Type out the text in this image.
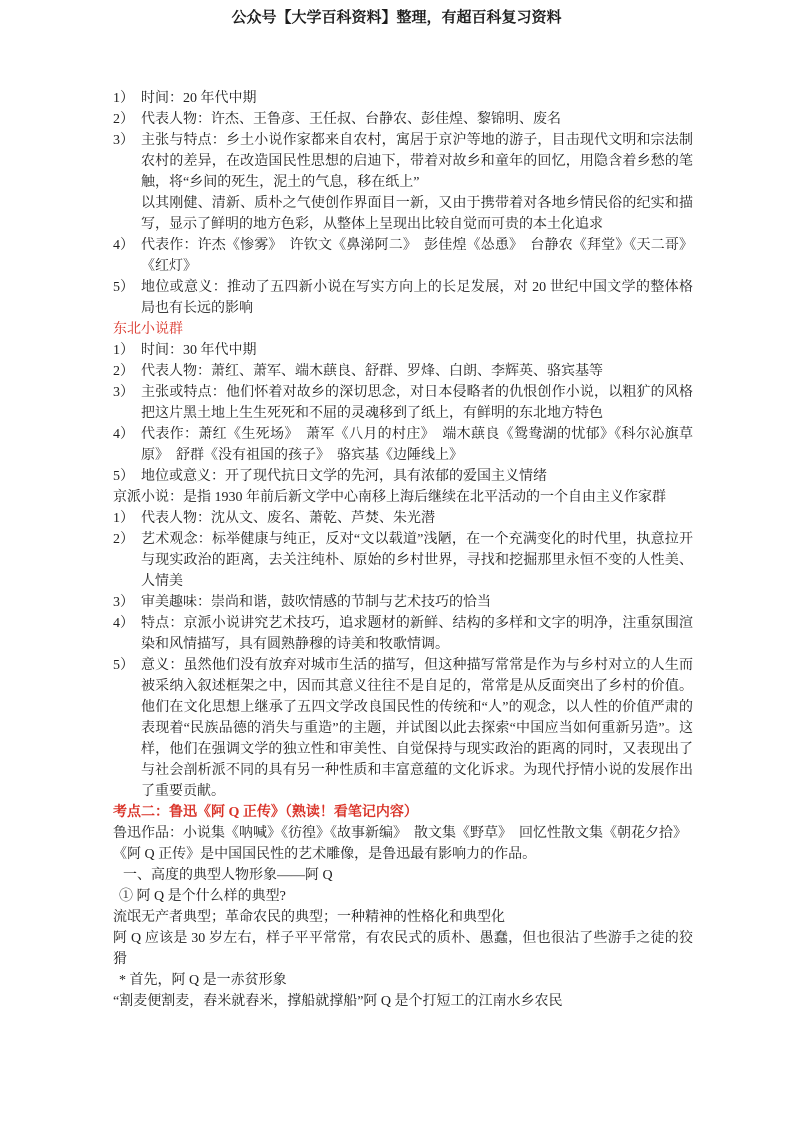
公众号【大学百科资料】整理，有超百科复习资料
1） 时间：20 年代中期
2） 代表人物：许杰、王鲁彦、王任叔、台静农、彭佳煌、黎锦明、废名
3） 主张与特点：乡土小说作家都来自农村，寓居于京沪等地的游子，目击现代文明和宗法制农村的差异，在改造国民性思想的启迪下，带着对故乡和童年的回忆，用隐含着乡愁的笔触，将“乡间的死生，泥土的气息，移在纸上”

以其刚健、清新、质朴之气使创作界面目一新，又由于携带着对各地乡情民俗的纪实和描写，显示了鲜明的地方色彩，从整体上呈现出比较自觉而可贵的本土化追求

4） 代表作：许杰《惨雾》　许钦文《鼻涕阿二》　彭佳煌《怂恿》　台静农《拜堂》《天二哥》《红灯》
5） 地位或意义：推动了五四新小说在写实方向上的长足发展，对 20 世纪中国文学的整体格局也有长远的影响
东北小说群
1） 时间：30 年代中期
2） 代表人物：萧红、萧军、端木蕻良、舒群、罗烽、白朗、李辉英、骆宾基等
3） 主张或特点：他们怀着对故乡的深切思念，对日本侵略者的仇恨创作小说，以粗犷的风格把这片黑土地上生生死死和不屈的灵魂移到了纸上，有鲜明的东北地方特色
4） 代表作：萧红《生死场》　萧军《八月的村庄》　端木蕻良《鸳鸯湖的忧郁》《科尔沁旗草原》　舒群《没有祖国的孩子》　骆宾基《边陲线上》
5） 地位或意义：开了现代抗日文学的先河，具有浓郁的爱国主义情绪
京派小说：是指 1930 年前后新文学中心南移上海后继续在北平活动的一个自由主义作家群
1） 代表人物：沈从文、废名、萧乾、芦焚、朱光潜
2） 艺术观念：标举健康与纯正，反对“文以载道”浅陋，在一个充满变化的时代里，执意拉开与现实政治的距离，去关注纯朴、原始的乡村世界，寻找和挖掘那里永恒不变的人性美、人情美
3） 审美趣味：崇尚和谐，鼓吹情感的节制与艺术技巧的恰当
4） 特点：京派小说讲究艺术技巧，追求题材的新鲜、结构的多样和文字的明净，注重氛围渲染和风情描写，具有圆熟静穆的诗美和牧歌情调。
5） 意义：虽然他们没有放弃对城市生活的描写，但这种描写常常是作为与乡村对立的人生而被采纳入叙述框架之中，因而其意义往往不是自足的，常常是从反面突出了乡村的价值。他们在文化思想上继承了五四文学改良国民性的传统和“人”的观念，以人性的价值严肃的表现着“民族品德的消失与重造”的主题，并试图以此去探索“中国应当如何重新另造”。这样，他们在强调文学的独立性和审美性、自觉保持与现实政治的距离的同时，又表现出了与社会剖析派不同的具有另一种性质和丰富意蕴的文化诉求。为现代抒情小说的发展作出了重要贡献。
考点二：鲁迅《阿 Q 正传》（熟读！看笔记内容）
鲁迅作品：小说集《呐喊》《彷徨》《故事新编》　散文集《野草》　回忆性散文集《朝花夕拾》
《阿 Q 正传》是中国国民性的艺术雕像，是鲁迅最有影响力的作品。
一、高度的典型人物形象——阿 Q
① 阿 Q 是个什么样的典型?
流氓无产者典型；革命农民的典型；一种精神的性格化和典型化
阿 Q 应该是 30 岁左右，样子平平常常，有农民式的质朴、愚蠢，但也很沾了些游手之徒的狡猾
* 首先，阿 Q 是一赤贫形象
“割麦便割麦，舂米就舂米，撑船就撑船”阿 Q 是个打短工的江南水乡农民
